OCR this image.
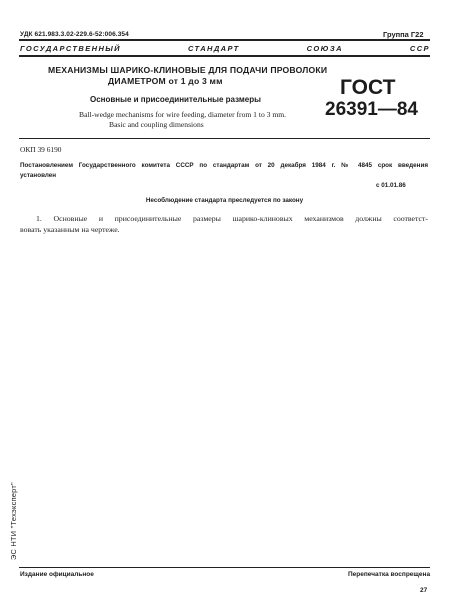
УДК 621.983.3.02-229.6-52:006.354	Группа Г22
ГОСУДАРСТВЕННЫЙ	СТАНДАРТ	СОЮЗА	ССР
МЕХАНИЗМЫ ШАРИКО-КЛИНОВЫЕ ДЛЯ ПОДАЧИ ПРОВОЛОКИ
ДИАМЕТРОМ от 1 до 3 мм
Основные и присоединительные размеры
Ball-wedge mechanisms for wire feeding, diameter from 1 to 3 mm.
Basic and coupling dimensions
ГОСТ
26391—84
ОКП 39 6190
Постановлением Государственного комитета СССР по стандартам от 20 декабря 1984 г. № 4845 срок введения
установлен
с 01.01.86
Несоблюдение стандарта преследуется по закону
1. Основные и присоединительные размеры шарико-клиновых механизмов должны соответст-
вовать указанным на чертеже.
ЭС НТИ "Техэксперт"
Издание официальное	Перепечатка воспрещена
27
